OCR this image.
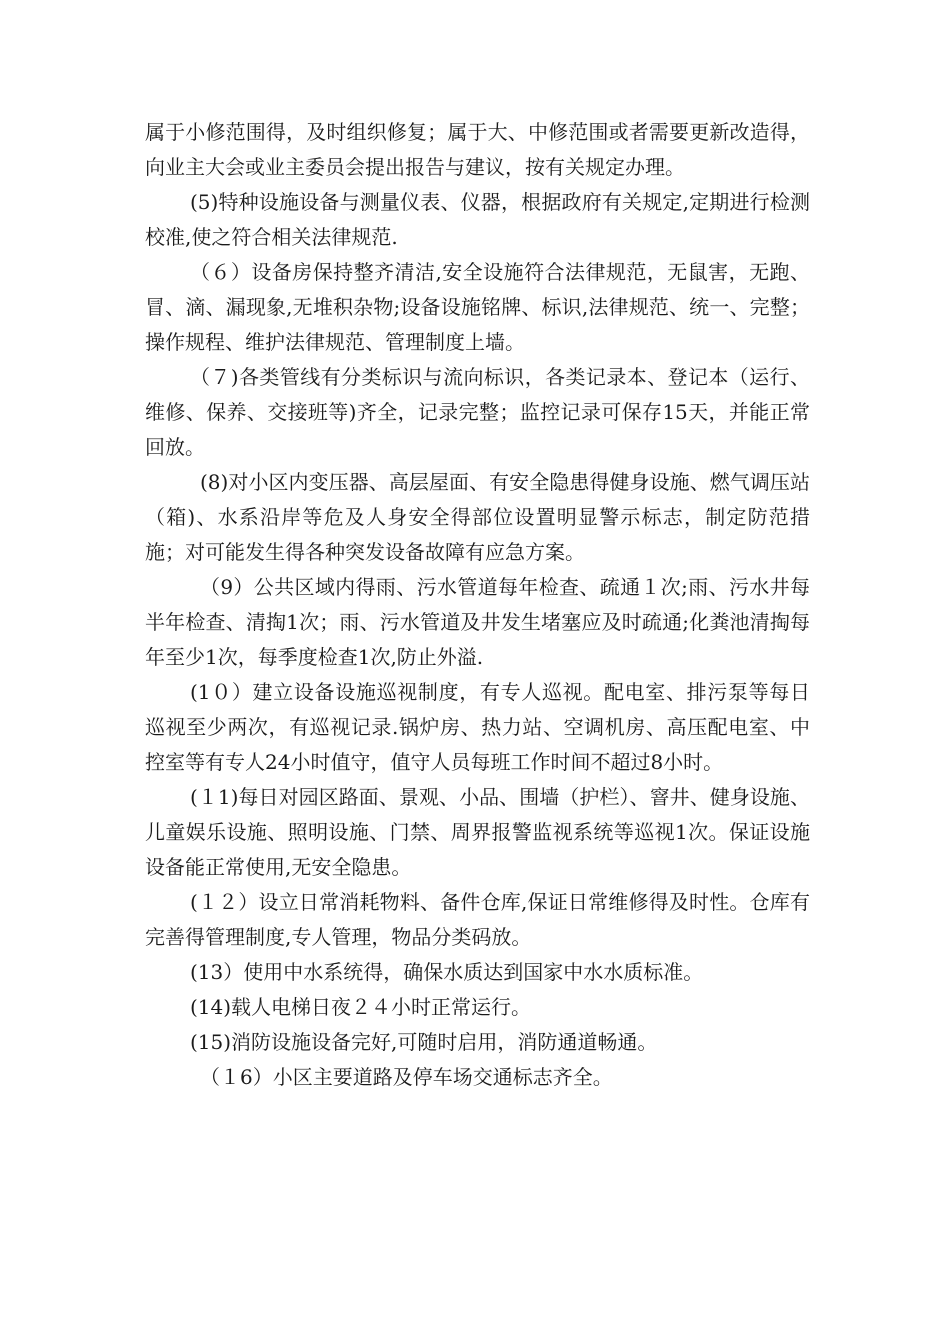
属于小修范围得，及时组织修复；属于大、中修范围或者需要更新改造得，向业主大会或业主委员会提出报告与建议，按有关规定办理。

(5)特种设施设备与测量仪表、仪器，根据政府有关规定,定期进行检测校准,使之符合相关法律规范.

（６）设备房保持整齐清洁,安全设施符合法律规范，无鼠害，无跑、冒、滴、漏现象,无堆积杂物;设备设施铭牌、标识,法律规范、统一、完整；操作规程、维护法律规范、管理制度上墙。

（７)各类管线有分类标识与流向标识，各类记录本、登记本（运行、维修、保养、交接班等)齐全，记录完整；监控记录可保存15天，并能正常回放。

(8)对小区内变压器、高层屋面、有安全隐患得健身设施、燃气调压站（箱)、水系沿岸等危及人身安全得部位设置明显警示标志，制定防范措施；对可能发生得各种突发设备故障有应急方案。

（9）公共区域内得雨、污水管道每年检查、疏通１次;雨、污水井每半年检查、清掏1次；雨、污水管道及井发生堵塞应及时疏通;化粪池清掏每年至少1次，每季度检查1次,防止外溢.

(1０）建立设备设施巡视制度，有专人巡视。配电室、排污泵等每日巡视至少两次，有巡视记录.锅炉房、热力站、空调机房、高压配电室、中控室等有专人24小时值守，值守人员每班工作时间不超过8小时。

(１1)每日对园区路面、景观、小品、围墙（护栏）、窨井、健身设施、儿童娱乐设施、照明设施、门禁、周界报警监视系统等巡视1次。保证设施设备能正常使用,无安全隐患。

(１２）设立日常消耗物料、备件仓库,保证日常维修得及时性。仓库有完善得管理制度,专人管理，物品分类码放。

(13）使用中水系统得，确保水质达到国家中水水质标准。

(14)载人电梯日夜２４小时正常运行。

(15)消防设施设备完好,可随时启用，消防通道畅通。

（１6）小区主要道路及停车场交通标志齐全。
